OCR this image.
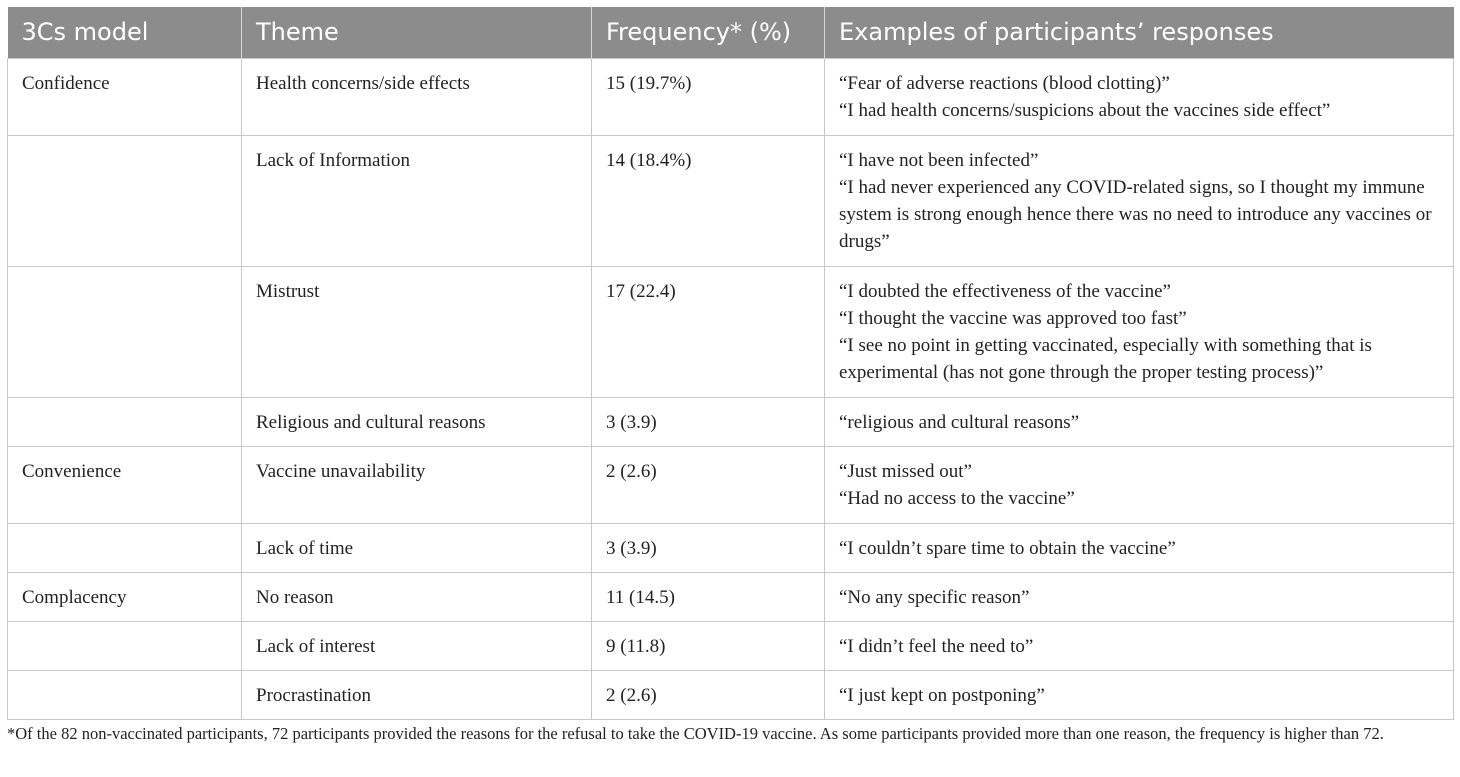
3Cs model	Theme	Frequency* (%)	Examples of participants’ responses
Confidence	Health concerns/side effects	15 (19.7%)	“Fear of adverse reactions (blood clotting)”
“I had health concerns/suspicions about the vaccines side effect”

	Lack of Information	14 (18.4%)	“I have not been infected”
“I had never experienced any COVID-related signs, so I thought my immune system is strong enough hence there was no need to introduce any vaccines or drugs”

	Mistrust	17 (22.4)	“I doubted the effectiveness of the vaccine”
“I thought the vaccine was approved too fast”
“I see no point in getting vaccinated, especially with something that is experimental (has not gone through the proper testing process)”

	Religious and cultural reasons	3 (3.9)	“religious and cultural reasons”

Convenience	Vaccine unavailability	2 (2.6)	“Just missed out”
“Had no access to the vaccine”

	Lack of time	3 (3.9)	“I couldn’t spare time to obtain the vaccine”

Complacency	No reason	11 (14.5)	“No any specific reason”

	Lack of interest	9 (11.8)	“I didn’t feel the need to”

	Procrastination	2 (2.6)	“I just kept on postponing”
*Of the 82 non-vaccinated participants, 72 participants provided the reasons for the refusal to take the COVID-19 vaccine. As some participants provided more than one reason, the frequency is higher than 72.
